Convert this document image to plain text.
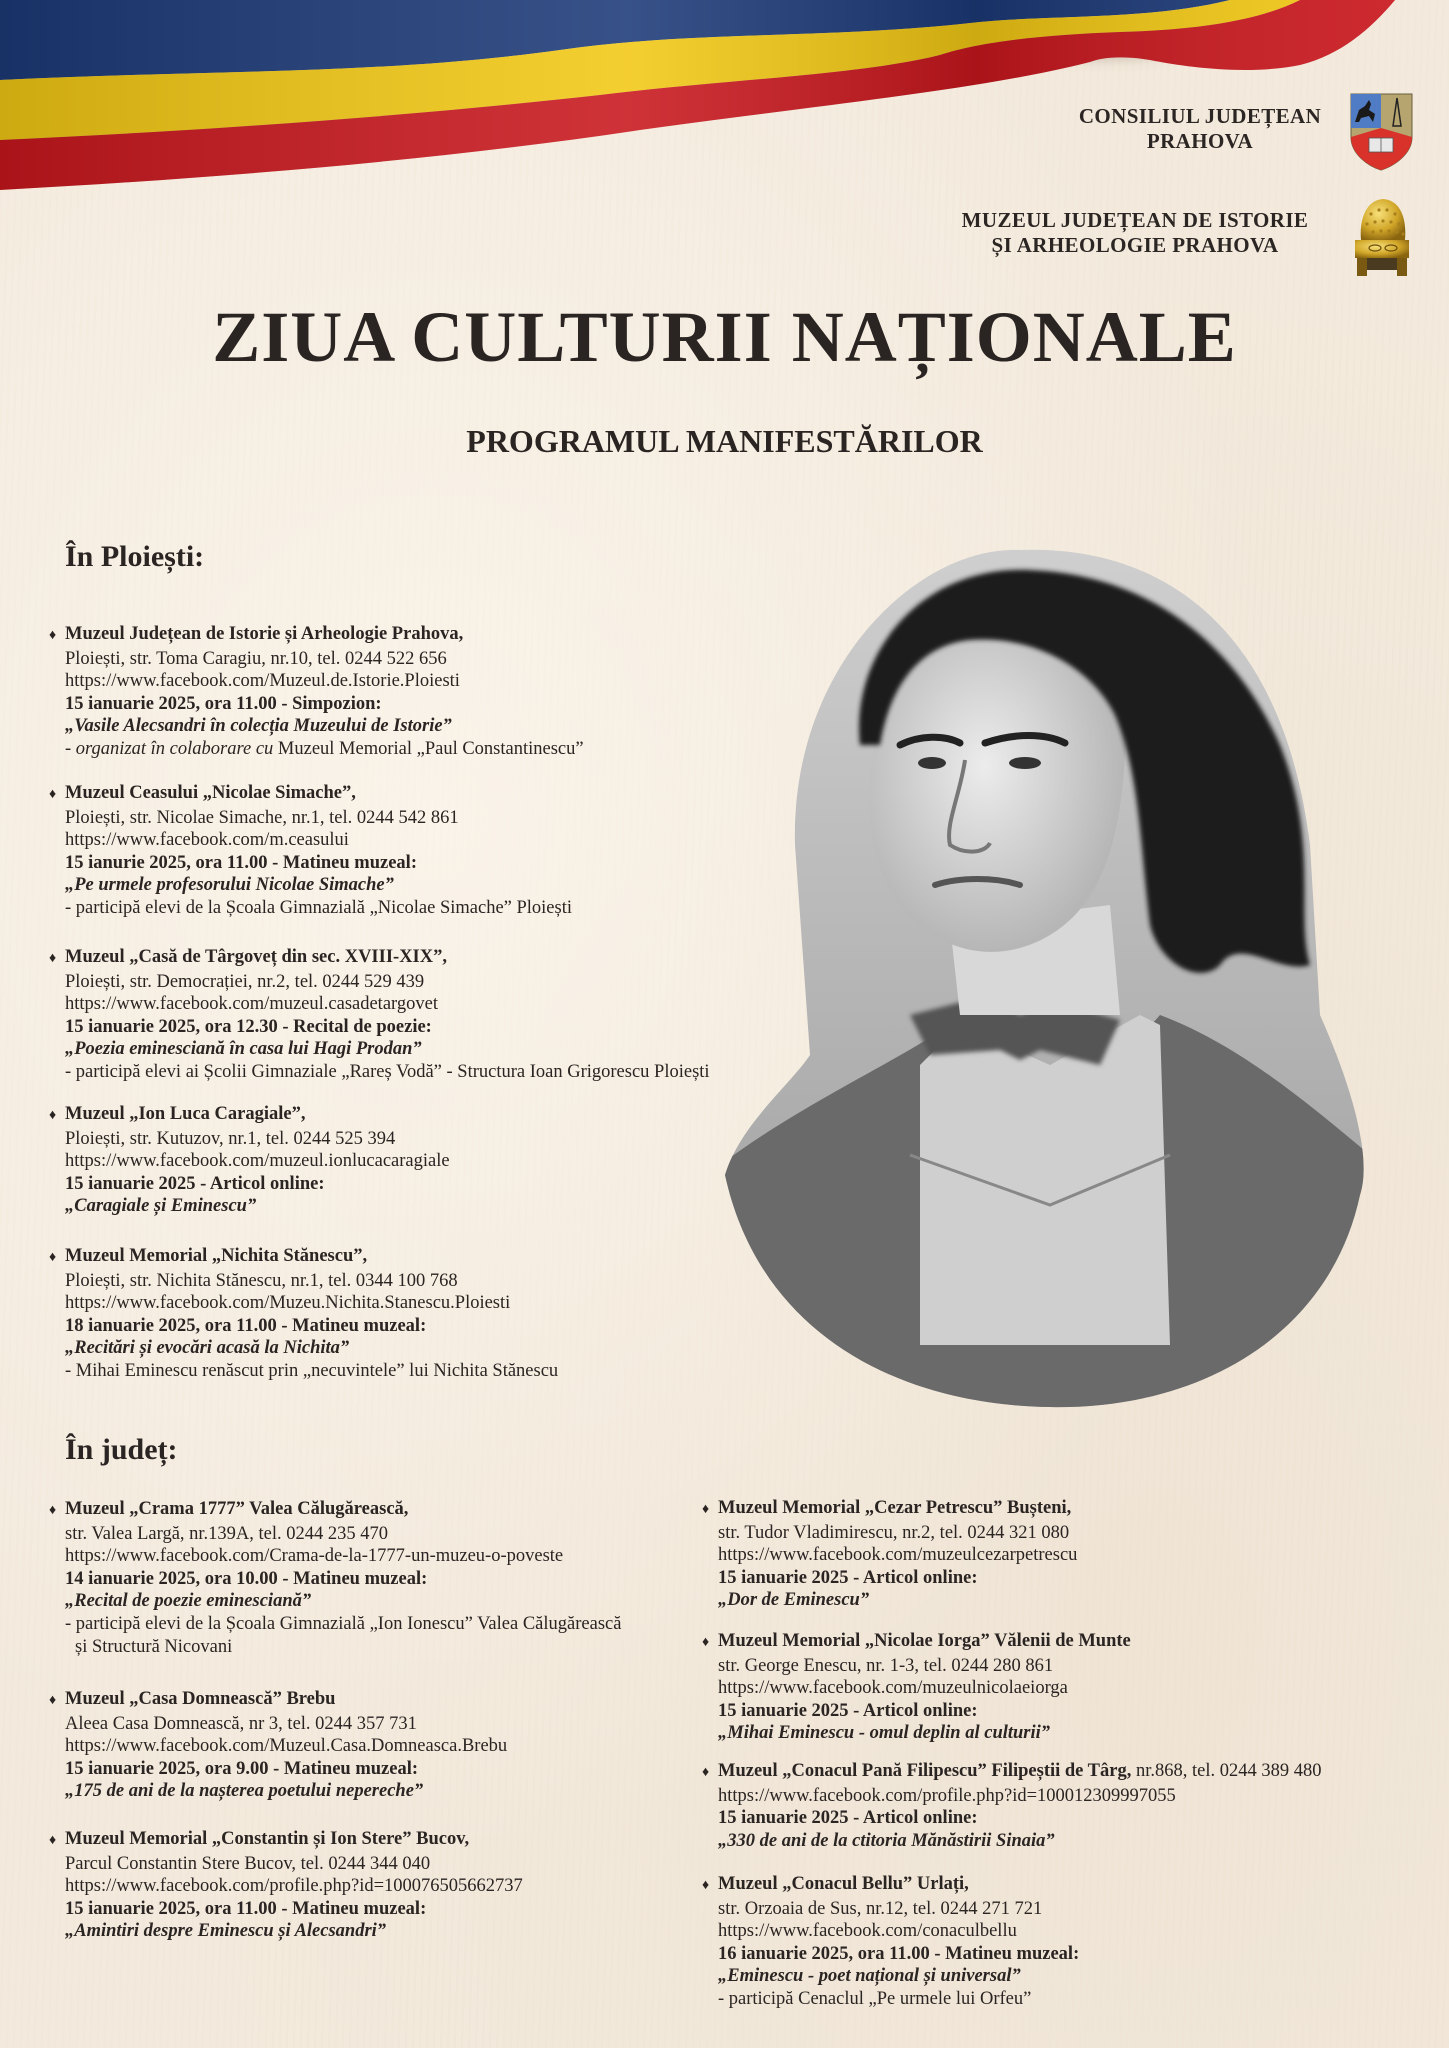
CONSILIUL JUDEȚEAN
PRAHOVA
MUZEUL JUDEȚEAN DE ISTORIE
ȘI ARHEOLOGIE PRAHOVA
ZIUA CULTURII NAȚIONALE
PROGRAMUL MANIFESTĂRILOR
În Ploiești:
♦ Muzeul Județean de Istorie și Arheologie Prahova,
Ploiești, str. Toma Caragiu, nr.10, tel. 0244 522 656
https://www.facebook.com/Muzeul.de.Istorie.Ploiesti
15 ianuarie 2025, ora 11.00 - Simpozion:
„Vasile Alecsandri în colecția Muzeului de Istorie”
- organizat în colaborare cu Muzeul Memorial „Paul Constantinescu”
♦ Muzeul Ceasului „Nicolae Simache”,
Ploiești, str. Nicolae Simache, nr.1, tel. 0244 542 861
https://www.facebook.com/m.ceasului
15 ianurie 2025, ora 11.00 - Matineu muzeal:
„Pe urmele profesorului Nicolae Simache”
- participă elevi de la Școala Gimnazială „Nicolae Simache” Ploiești
♦ Muzeul „Casă de Târgoveț din sec. XVIII-XIX”,
Ploiești, str. Democrației, nr.2, tel. 0244 529 439
https://www.facebook.com/muzeul.casadetargovet
15 ianuarie 2025, ora 12.30 - Recital de poezie:
„Poezia eminesciană în casa lui Hagi Prodan”
- participă elevi ai Școlii Gimnaziale „Rareș Vodă” - Structura Ioan Grigorescu Ploiești
♦ Muzeul „Ion Luca Caragiale”,
Ploiești, str. Kutuzov, nr.1, tel. 0244 525 394
https://www.facebook.com/muzeul.ionlucacaragiale
15 ianuarie 2025 - Articol online:
„Caragiale și Eminescu”
♦ Muzeul Memorial „Nichita Stănescu”,
Ploiești, str. Nichita Stănescu, nr.1, tel. 0344 100 768
https://www.facebook.com/Muzeu.Nichita.Stanescu.Ploiesti
18 ianuarie 2025, ora 11.00 - Matineu muzeal:
„Recitări și evocări acasă la Nichita”
- Mihai Eminescu renăscut prin „necuvintele” lui Nichita Stănescu
În județ:
♦ Muzeul „Crama 1777” Valea Călugărească,
str. Valea Largă, nr.139A, tel. 0244 235 470
https://www.facebook.com/Crama-de-la-1777-un-muzeu-o-poveste
14 ianuarie 2025, ora 10.00 - Matineu muzeal:
„Recital de poezie eminesciană”
- participă elevi de la Școala Gimnazială „Ion Ionescu” Valea Călugărească
și Structură Nicovani
♦ Muzeul „Casa Domnească” Brebu
Aleea Casa Domnească, nr 3, tel. 0244 357 731
https://www.facebook.com/Muzeul.Casa.Domneasca.Brebu
15 ianuarie 2025, ora 9.00 - Matineu muzeal:
„175 de ani de la nașterea poetului nepereche”
♦ Muzeul Memorial „Constantin și Ion Stere” Bucov,
Parcul Constantin Stere Bucov, tel. 0244 344 040
https://www.facebook.com/profile.php?id=100076505662737
15 ianuarie 2025, ora 11.00 - Matineu muzeal:
„Amintiri despre Eminescu și Alecsandri”
♦ Muzeul Memorial „Cezar Petrescu” Bușteni,
str. Tudor Vladimirescu, nr.2, tel. 0244 321 080
https://www.facebook.com/muzeulcezarpetrescu
15 ianuarie 2025 - Articol online:
„Dor de Eminescu”
♦ Muzeul Memorial „Nicolae Iorga” Vălenii de Munte
str. George Enescu, nr. 1-3, tel. 0244 280 861
https://www.facebook.com/muzeulnicolaeiorga
15 ianuarie 2025 - Articol online:
„Mihai Eminescu - omul deplin al culturii”
♦ Muzeul „Conacul Pană Filipescu” Filipeștii de Târg, nr.868, tel. 0244 389 480
https://www.facebook.com/profile.php?id=100012309997055
15 ianuarie 2025 - Articol online:
„330 de ani de la ctitoria Mănăstirii Sinaia”
♦ Muzeul „Conacul Bellu” Urlați,
str. Orzoaia de Sus, nr.12, tel. 0244 271 721
https://www.facebook.com/conaculbellu
16 ianuarie 2025, ora 11.00 - Matineu muzeal:
„Eminescu - poet național și universal”
- participă Cenaclul „Pe urmele lui Orfeu”
